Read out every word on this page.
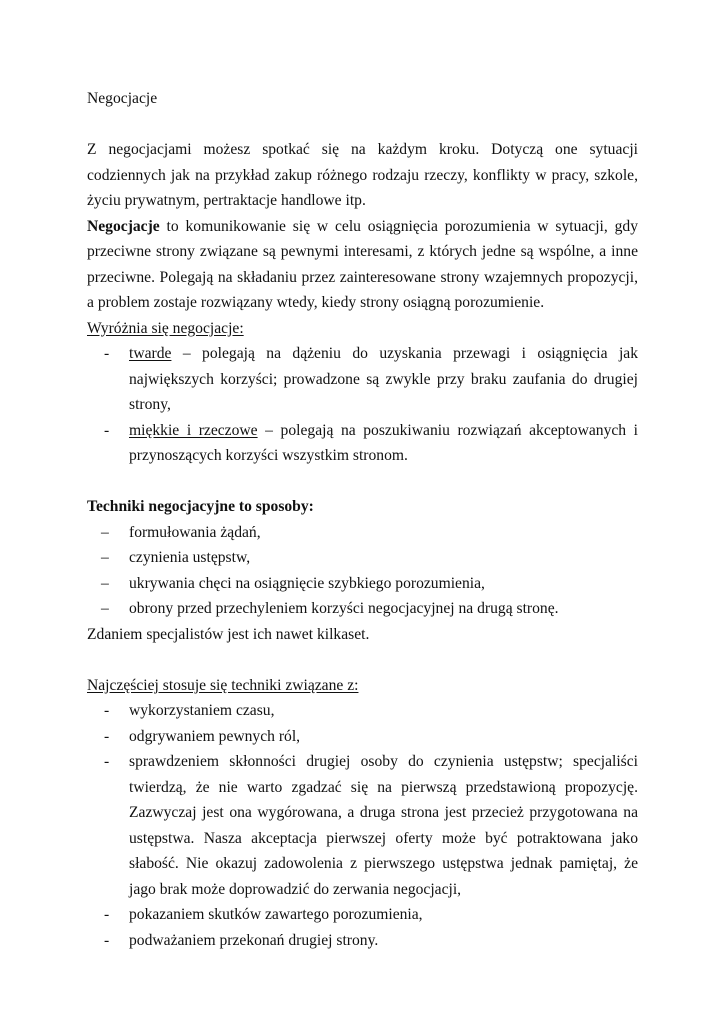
Negocjacje

Z negocjacjami możesz spotkać się na każdym kroku. Dotyczą one sytuacji codziennych jak na przykład zakup różnego rodzaju rzeczy, konflikty w pracy, szkole, życiu prywatnym, pertraktacje handlowe itp.

Negocjacje to komunikowanie się w celu osiągnięcia porozumienia w sytuacji, gdy przeciwne strony związane są pewnymi interesami, z których jedne są wspólne, a inne przeciwne. Polegają na składaniu przez zainteresowane strony wzajemnych propozycji, a problem zostaje rozwiązany wtedy, kiedy strony osiągną porozumienie.

Wyróżnia się negocjacje:

-	twarde – polegają na dążeniu do uzyskania przewagi i osiągnięcia jak największych korzyści; prowadzone są zwykle przy braku zaufania do drugiej strony,
-	miękkie i rzeczowe – polegają na poszukiwaniu rozwiązań akceptowanych i przynoszących korzyści wszystkim stronom.

Techniki negocjacyjne to sposoby:

–	formułowania żądań,
–	czynienia ustępstw,
–	ukrywania chęci na osiągnięcie szybkiego porozumienia,
–	obrony przed przechyleniem korzyści negocjacyjnej na drugą stronę.

Zdaniem specjalistów jest ich nawet kilkaset.

Najczęściej stosuje się techniki związane z:

-	wykorzystaniem czasu,
-	odgrywaniem pewnych ról,
-	sprawdzeniem skłonności drugiej osoby do czynienia ustępstw; specjaliści twierdzą, że nie warto zgadzać się na pierwszą przedstawioną propozycję. Zazwyczaj jest ona wygórowana, a druga strona jest przecież przygotowana na ustępstwa. Nasza akceptacja pierwszej oferty może być potraktowana jako słabość. Nie okazuj zadowolenia z pierwszego ustępstwa jednak pamiętaj, że jago brak może doprowadzić do zerwania negocjacji,
-	pokazaniem skutków zawartego porozumienia,
-	podważaniem przekonań drugiej strony.
